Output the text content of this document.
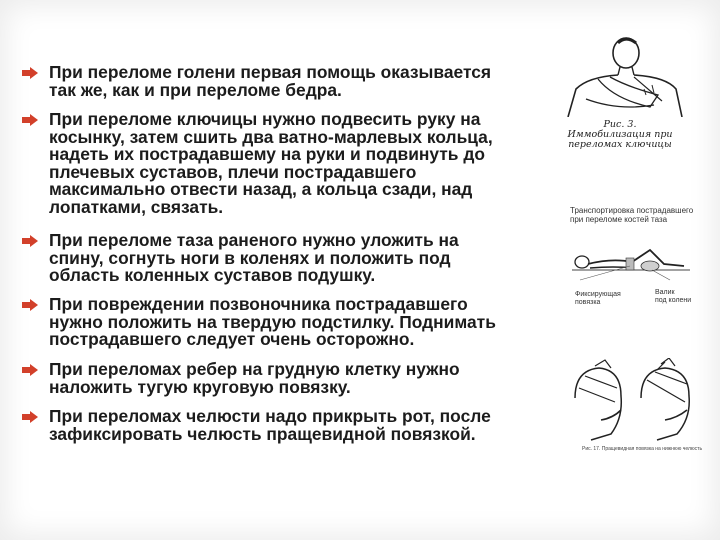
При переломе голени первая помощь оказывается
так же, как и при переломе бедра.
При переломе ключицы нужно подвесить руку на
косынку, затем сшить два ватно-марлевых кольца,
надеть их пострадавшему на руки и подвинуть до
плечевых суставов, плечи пострадавшего
максимально отвести назад, а кольца сзади, над
лопатками, связать.
При переломе таза раненого нужно уложить на
спину, согнуть ноги в коленях и положить под
область коленных суставов подушку.
При повреждении позвоночника пострадавшего
нужно положить на твердую подстилку. Поднимать
пострадавшего следует очень осторожно.
При переломах ребер на грудную клетку нужно
наложить тугую круговую повязку.
При переломах челюсти надо прикрыть рот, после
зафиксировать челюсть пращевидной повязкой.
Рис. 3.
Иммобилизация при
переломах ключицы
Транспортировка пострадавшего
при переломе костей таза
Фиксирующая
повязка
Валик
под колени
Рис. 17. Пращевидная повязка на нижнюю челюсть
